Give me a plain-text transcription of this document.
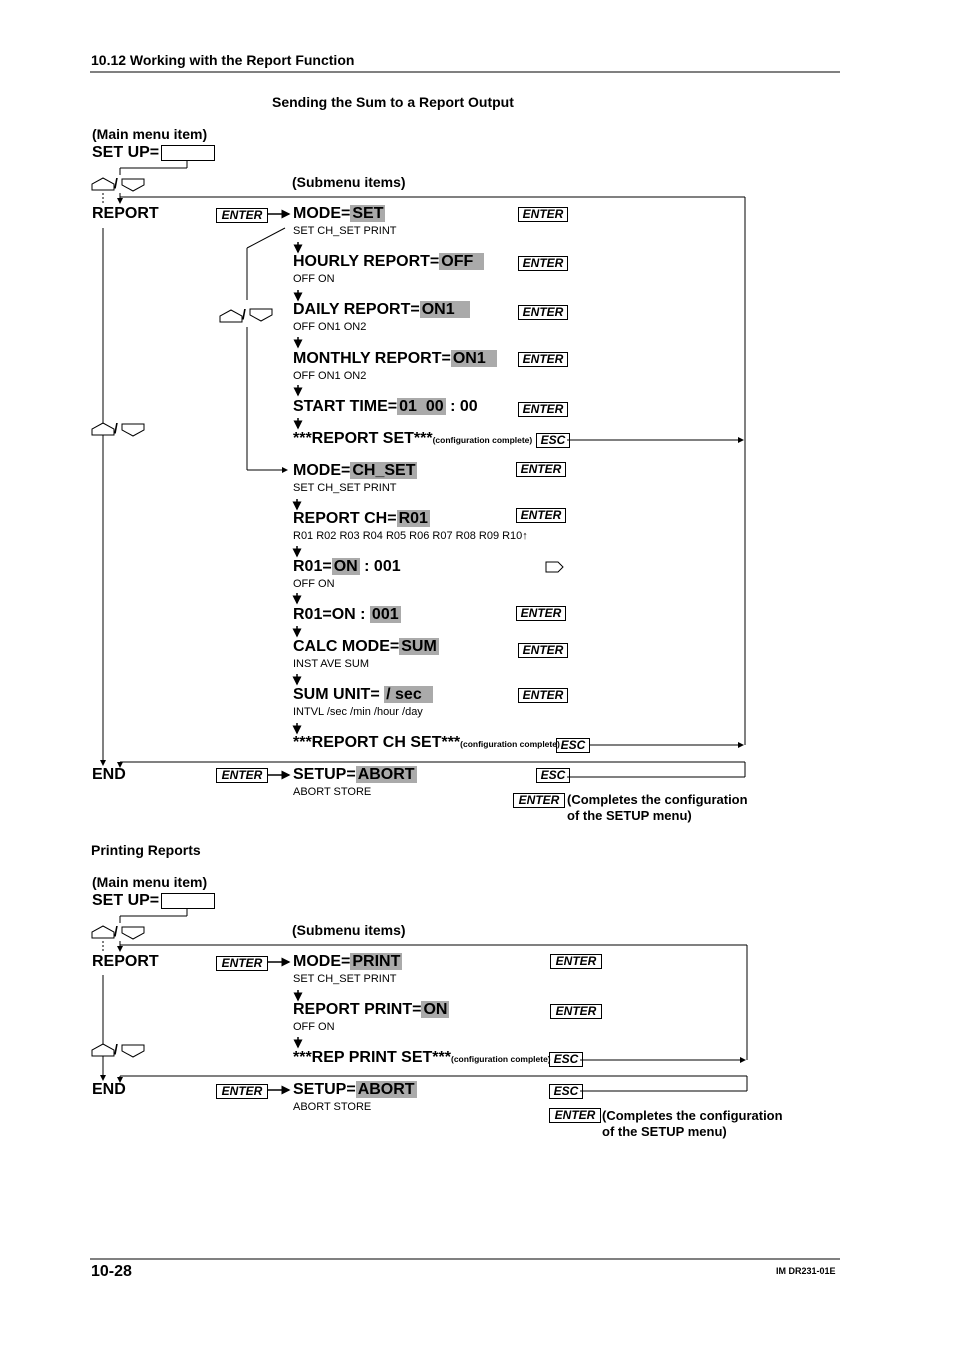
/
/
/
/
/
10.12 Working with the Report Function
10-28	IM DR231-01E
Sending the Sum to a Report Output
(Main menu item)
SET UP=
(Submenu items)
REPORT	ENTER	MODE= SET
SET CH_SET PRINT
ENTER
HOURLY REPORT= OFF
OFF ON
ENTER
DAILY REPORT= ON1
OFF ON1 ON2
ENTER
MONTHLY REPORT= ON1
OFF ON1 ON2
ENTER
START TIME= 01  00 : 00	ENTER
***REPORT SET***(configuration complete) ESC
MODE= CH_SET
SET CH_SET PRINT
ENTER
REPORT CH= R01
R01 R02 R03 R04 R05 R06 R07 R08 R09 R10↑
ENTER
R01= ON : 001
OFF ON
R01=ON : 001	ENTER
CALC MODE= SUM
INST AVE SUM
ENTER
SUM UNIT= / sec
INTVL /sec /min /hour /day
ENTER
***REPORT CH SET***(configuration complete) ESC
END	ENTER	SETUP= ABORT
ABORT STORE
ESC
ENTER (Completes the configuration
of the SETUP menu)
Printing Reports
(Main menu item)
SET UP=
(Submenu items)
REPORT	ENTER	MODE= PRINT
SET CH_SET PRINT
ENTER
REPORT PRINT= ON
OFF ON
ENTER
***REP PRINT SET***(configuration complete) ESC
END	ENTER	SETUP= ABORT
ABORT STORE
ESC
ENTER (Completes the configuration
of the SETUP menu)
